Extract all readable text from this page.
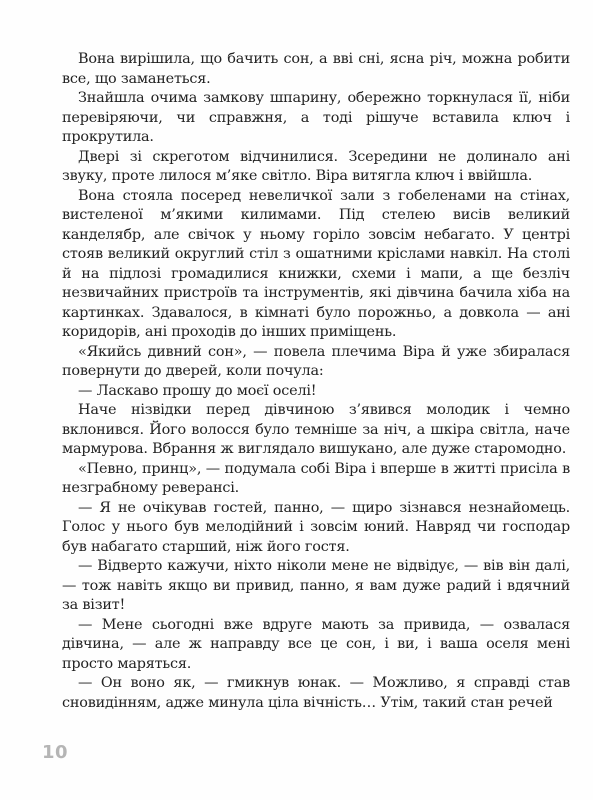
Вона вирішила, що бачить сон, а вві сні, ясна річ, можна робити все, що заманеться.

Знайшла очима замкову шпарину, обережно торкнулася її, ніби перевіряючи, чи справжня, а тоді рішуче вставила ключ і прокрутила.

Двері зі скреготом відчинилися. Зсередини не долинало ані звуку, проте лилося м’яке світло. Віра витягла ключ і ввійшла.

Вона стояла посеред невеличкої зали з гобеленами на стінах, вистеленої м’якими килимами. Під стелею висів великий канделябр, але свічок у ньому горіло зовсім небагато. У центрі стояв великий округлий стіл з ошатними кріслами навкіл. На столі й на підлозі громадилися книжки, схеми і мапи, а ще безліч незвичайних пристроїв та інструментів, які дівчина бачила хіба на картинках. Здавалося, в кімнаті було порожньо, а довкола — ані коридорів, ані проходів до інших приміщень.

«Якийсь дивний сон», — повела плечима Віра й уже збиралася повернути до дверей, коли почула:

— Ласкаво прошу до моєї оселі!

Наче нізвідки перед дівчиною з’явився молодик і чемно вклонився. Його волосся було темніше за ніч, а шкіра світла, наче мармурова. Вбрання ж виглядало вишукано, але дуже старомодно.

«Певно, принц», — подумала собі Віра і вперше в житті присіла в незграбному реверансі.

— Я не очікував гостей, панно, — щиро зізнався незнайомець. Голос у нього був мелодійний і зовсім юний. Навряд чи господар був набагато старший, ніж його гостя.

— Відверто кажучи, ніхто ніколи мене не відвідує, — вів він далі, — тож навіть якщо ви привид, панно, я вам дуже радий і вдячний за візит!

— Мене сьогодні вже вдруге мають за привида, — озвалася дівчина, — але ж направду все це сон, і ви, і ваша оселя мені просто маряться.

— Он воно як, — гмикнув юнак. — Можливо, я справді став сновидінням, адже минула ціла вічність… Утім, такий стан речей

10
